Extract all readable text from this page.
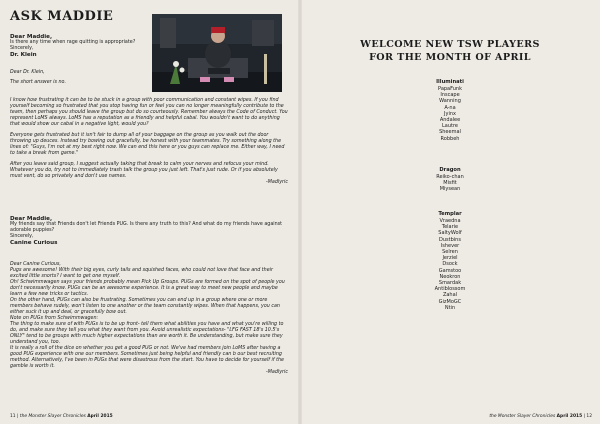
ASK MADDIE
Dear Maddie,

Is there any time when rage quitting is appropriate?

Sincerely,

Dr. Klein

Dear Dr. Klein,

The short answer is no.

I know how frustrating it can be to be stuck in a group with poor communication and constant wipes. If you find yourself becoming so frustrated that you stop having fun or feel you can no longer meaningfully contribute to the team, then perhaps you should leave the group but do so courteously. Remember always the Code of Conduct. You represent LoMS always. LoMS has a reputation as a friendly and helpful cabal. You wouldn't want to do anything that would show our cabal in a negative light, would you?

Everyone gets frustrated but it isn't fair to dump all of your baggage on the group as you walk out the door throwing up deuces. Instead try bowing out gracefully, be honest with your teammates. Try something along the lines of: "Guys, I'm not at my best right now. We can end this here or you guys can replace me. Either way, I need to take a break from game."

After you leave said group, I suggest actually taking that break to calm your nerves and refocus your mind. Whatever you do, try not to immediately trash talk the group you just left. That's just rude. Or if you absolutely must vent, do so privately and don't use names.

-Madlyric
Dear Maddie,

My friends say that Friends don't let Friends PUG. Is there any truth to this? And what do my friends have against adorable puppies?

Sincerely,

Canine Curious

Dear Canine Curious,

Pugs are awesome! With their big eyes, curly tails and squished faces, who could not love that face and their excited little snorts? I want to get one myself.

Oh! Schwimmwagen says your friends probably mean Pick Up Groups. PUGs are formed on the spot of people you don't necessarily know. PUGs can be an awesome experience. It is a great way to meet new people and maybe learn a few new tricks or tactics.

On the other hand, PUGs can also be frustrating. Sometimes you can end up in a group where one or more members behave rudely, won't listen to one another or the team constantly wipes. When that happens, you can either suck it up and deal, or gracefully bow out.

Note on PUGs from Schwimmwagen:

The thing to make sure of with PUGs is to be up front- tell them what abilities you have and what you're willing to do, and make sure they tell you what they want from you. Avoid unrealistic expectations- "LFG FAST 18's 10.5's ONLY" tend to be groups with much higher expectations than are worth it. Be understanding, but make sure they understand you, too.

It is really a roll of the dice on whether you get a good PUG or not. We've had members join LoMS after having a good PUG experience with one our members. Sometimes just being helpful and friendly can b our best recruiting method. Alternatively, I've been in PUGs that were disastrous from the start. You have to decide for yourself if the gamble is worth it.

-Madlyric
11 | the Monster Slayer Chronicles April 2015
WELCOME NEW TSW PLAYERS
FOR THE MONTH OF APRIL
Illuminati
PapaFunk
Inscape
Wanning
A-na
Jyinx
Andalee
Lautre
Sheemal
Robbeh
Dragon
Reiko-chan
Misfit
Miysean
Templar
Vraedna
Telarie
SaltyWolf
Dustbins
Ishever
Selren
Jerziel
Dsock
Gamstoo
Neokron
Smardak
Antiblossom
Zahal
GizMoGC
Ntin
the Monster Slayer Chronicles April 2015 | 12
